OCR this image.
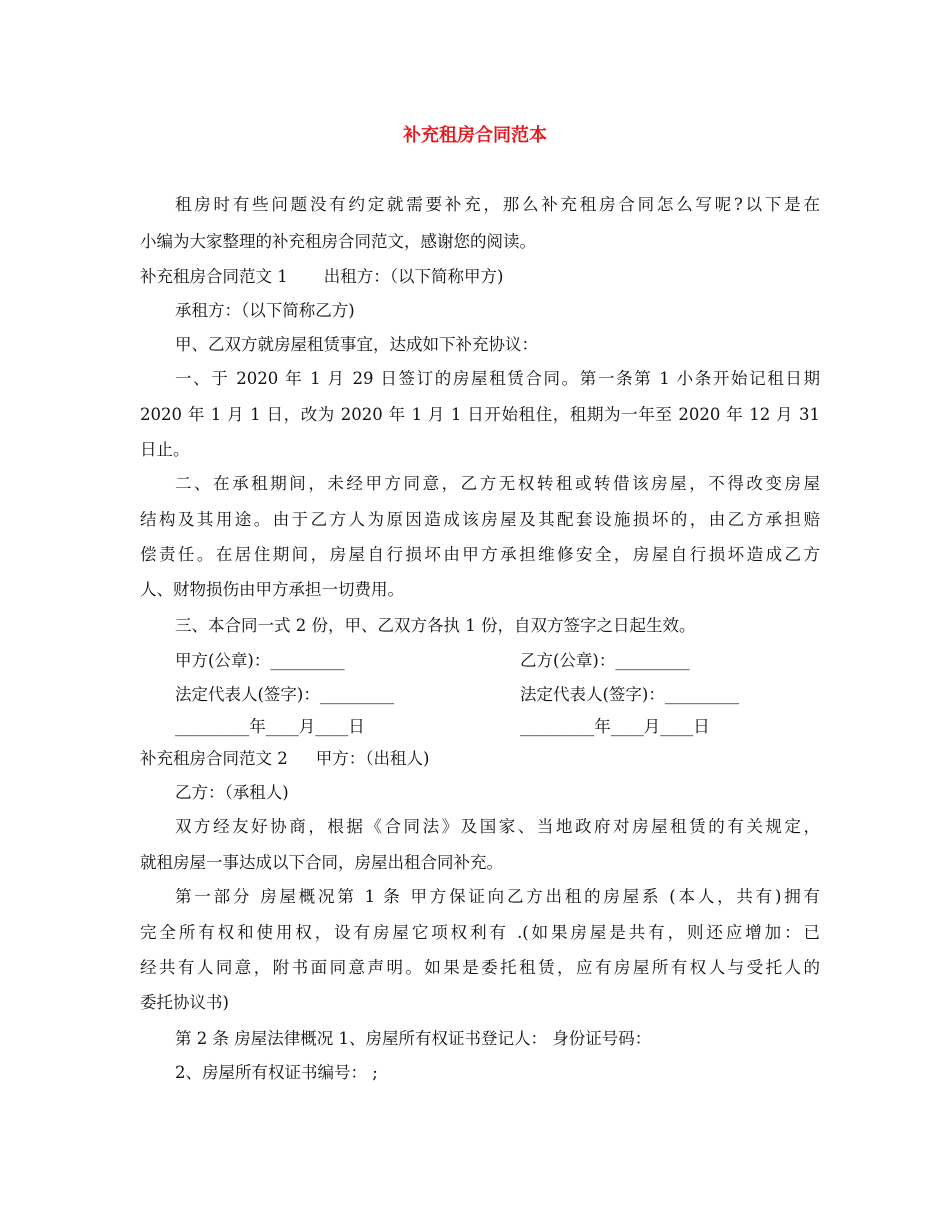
补充租房合同范本
租房时有些问题没有约定就需要补充，那么补充租房合同怎么写呢?以下是在
小编为大家整理的补充租房合同范文，感谢您的阅读。
补充租房合同范文 1 出租方：（以下简称甲方)
承租方：（以下简称乙方)
甲、乙双方就房屋租赁事宜，达成如下补充协议：
一、于 2020 年 1 月 29 日签订的房屋租赁合同。第一条第 1 小条开始记租日期
2020 年 1 月 1 日，改为 2020 年 1 月 1 日开始租住，租期为一年至 2020 年 12 月 31
日止。
二、在承租期间，未经甲方同意，乙方无权转租或转借该房屋，不得改变房屋
结构及其用途。由于乙方人为原因造成该房屋及其配套设施损坏的，由乙方承担赔
偿责任。在居住期间，房屋自行损坏由甲方承担维修安全，房屋自行损坏造成乙方
人、财物损伤由甲方承担一切费用。
三、本合同一式 2 份，甲、乙双方各执 1 份，自双方签字之日起生效。
甲方(公章)：_________	乙方(公章)：_________
法定代表人(签字)：_________	法定代表人(签字)：_________
_________年____月____日	_________年____月____日
补充租房合同范文 2 甲方：（出租人)
乙方：（承租人)
双方经友好协商，根据《合同法》及国家、当地政府对房屋租赁的有关规定，
就租房屋一事达成以下合同，房屋出租合同补充。
第一部分 房屋概况第 1 条 甲方保证向乙方出租的房屋系 (本人，共有)拥有
完全所有权和使用权，设有房屋它项权利有 .(如果房屋是共有，则还应增加：已
经共有人同意，附书面同意声明。如果是委托租赁，应有房屋所有权人与受托人的
委托协议书)
第 2 条 房屋法律概况 1、房屋所有权证书登记人： 身份证号码：
2、房屋所有权证书编号： ;
